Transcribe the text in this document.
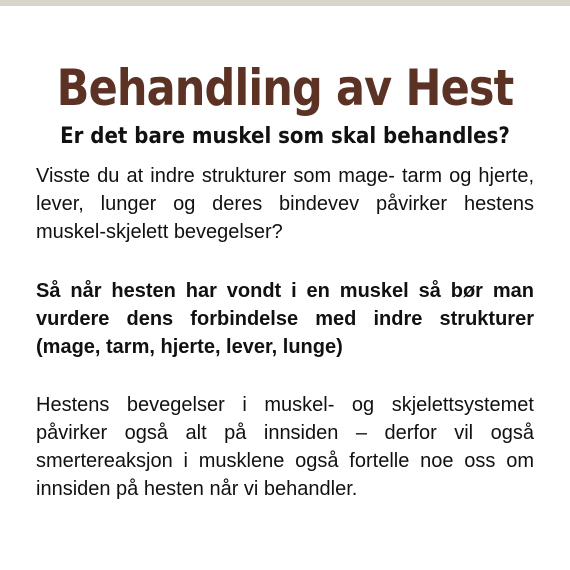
Behandling av Hest
Er det bare muskel som skal behandles?

Visste du at indre strukturer som mage- tarm og hjerte, lever, lunger og deres bindevev påvirker hestens muskel-skjelett bevegelser?

Så når hesten har vondt i en muskel så bør man vurdere dens forbindelse med indre strukturer (mage, tarm, hjerte, lever, lunge)

Hestens bevegelser i muskel- og skjelettsystemet påvirker også alt på innsiden – derfor vil også smertereaksjon i musklene også fortelle noe oss om innsiden på hesten når vi behandler.
